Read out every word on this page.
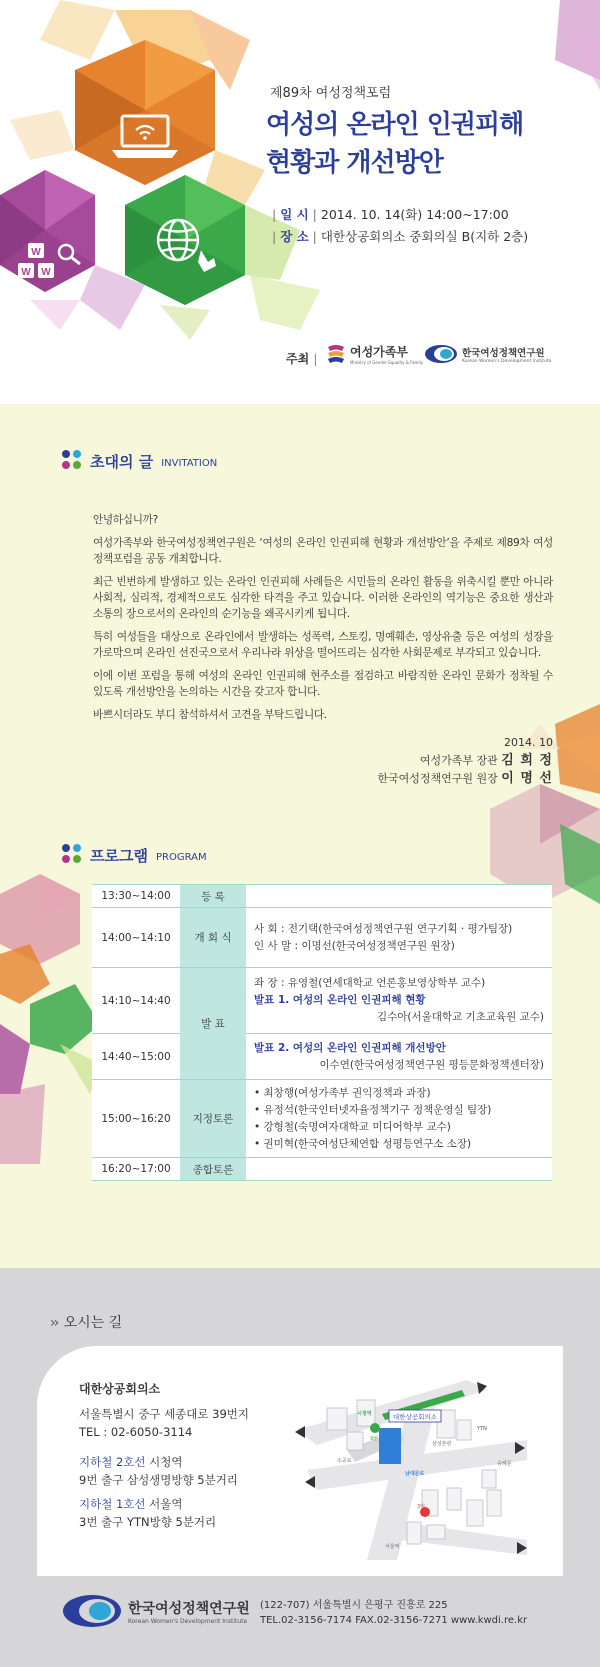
W
W W
제89차 여성정책포럼
여성의 온라인 인권피해
현황과 개선방안
| 일 시 | 2014. 10. 14(화) 14:00~17:00
| 장 소 | 대한상공회의소 중회의실 B(지하 2층)
주최 |	여성가족부
Ministry of Gender Equality & Family
한국여성정책연구원
Korean Women's Development Institute
초대의 글 INVITATION

안녕하십니까?

여성가족부와 한국여성정책연구원은 ‘여성의 온라인 인권피해 현황과 개선방안’을 주제로 제89차 여성정책포럼을 공동 개최합니다.

최근 빈번하게 발생하고 있는 온라인 인권피해 사례들은 시민들의 온라인 활동을 위축시킬 뿐만 아니라 사회적, 심리적, 경제적으로도 심각한 타격을 주고 있습니다. 이러한 온라인의 역기능은 중요한 생산과 소통의 장으로서의 온라인의 순기능을 왜곡시키게 됩니다.

특히 여성들을 대상으로 온라인에서 발생하는 성폭력, 스토킹, 명예훼손, 영상유출 등은 여성의 성장을 가로막으며 온라인 선진국으로서 우리나라 위상을 떨어뜨리는 심각한 사회문제로 부각되고 있습니다.

이에 이번 포럼을 통해 여성의 온라인 인권피해 현주소를 점검하고 바람직한 온라인 문화가 정착될 수 있도록 개선방안을 논의하는 시간을 갖고자 합니다.

바쁘시더라도 부디 참석하셔서 고견을 부탁드립니다.

2014. 10
여성가족부 장관 김 희 정
한국여성정책연구원 원장 이 명 선
프로그램 PROGRAM
13:30~14:00	등 록	
14:00~14:10	개 회 식	사 회 : 전기택(한국여성정책연구원 연구기획 · 평가팀장)
인 사 말 : 이명선(한국여성정책연구원 원장)

14:10~14:40	발 표	좌 장 : 유영철(연세대학교 언론홍보영상학부 교수)
발표 1. 여성의 온라인 인권피해 현황
김수아(서울대학교 기초교육원 교수)

14:40~15:00		발표 2. 여성의 온라인 인권피해 개선방안
이수연(한국여성정책연구원 평등문화정책센터장)

15:00~16:20	지정토론	• 최창행(여성가족부 권익정책과 과장)
• 유정석(한국인터넷자율정책기구 정책운영실 팀장)
• 강형철(숙명여자대학교 미디어학부 교수)
• 권미혁(한국여성단체연합 성평등연구소 소장)

16:20~17:00	종합토론	
›› 오시는 길
대한상공회의소
서울특별시 중구 세종대로 39번지
TEL : 02-6050-3114
지하철 2호선 시청역
9번 출구 삼성생명방향 5분거리
지하철 1호선 서울역
3번 출구 YTN방향 5분거리
대한상공회의소
시청역
9번
삼성본관
YTN
소공로
남대문로
숭례문
3번
서울역
한국여성정책연구원
Korean Women's Development Institute
(122-707) 서울특별시 은평구 진흥로 225
TEL.02-3156-7174 FAX.02-3156-7271 www.kwdi.re.kr
